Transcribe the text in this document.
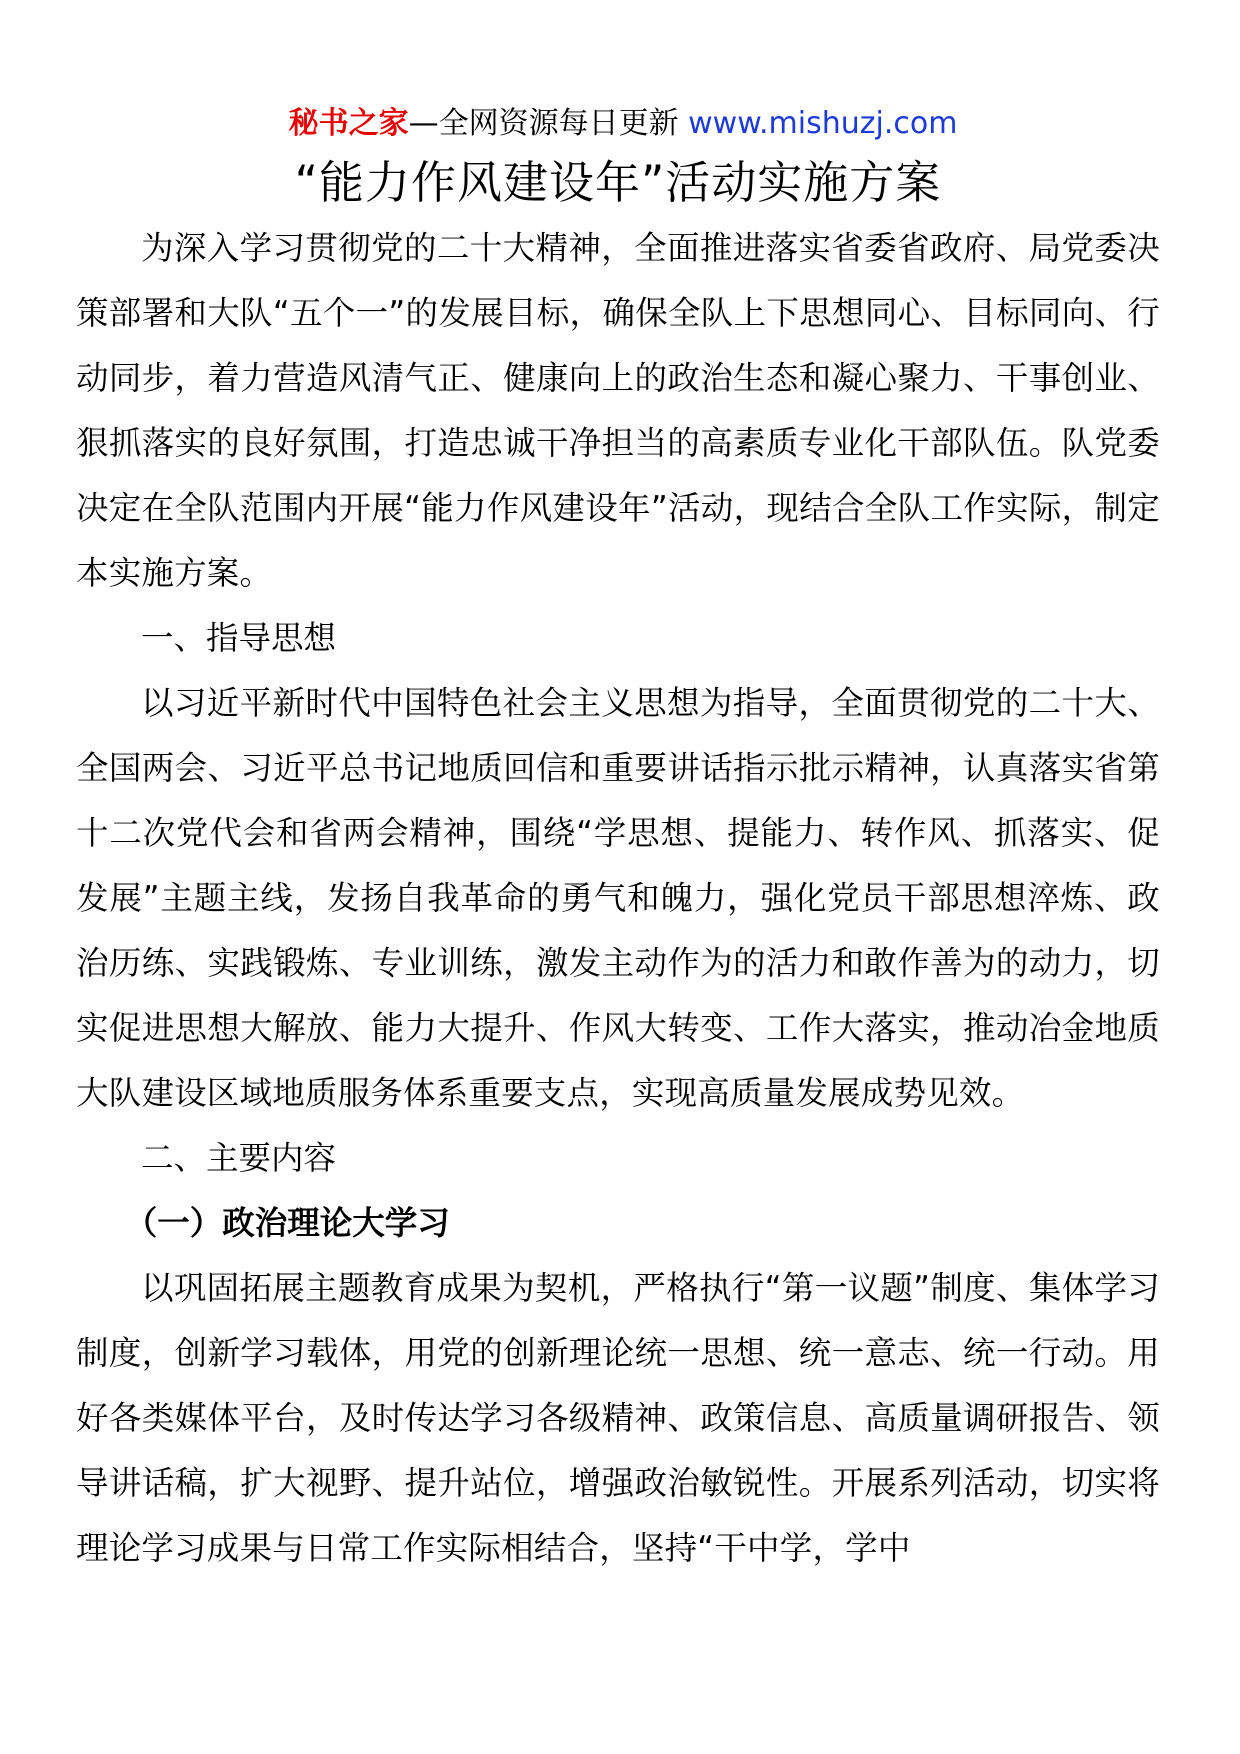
秘书之家—全网资源每日更新 www.mishuzj.com
“能力作风建设年”活动实施方案

为深入学习贯彻党的二十大精神，全面推进落实省委省政府、局党委决策部署和大队“五个一”的发展目标，确保全队上下思想同心、目标同向、行动同步，着力营造风清气正、健康向上的政治生态和凝心聚力、干事创业、狠抓落实的良好氛围，打造忠诚干净担当的高素质专业化干部队伍。队党委决定在全队范围内开展“能力作风建设年”活动，现结合全队工作实际，制定本实施方案。

一、指导思想

以习近平新时代中国特色社会主义思想为指导，全面贯彻党的二十大、全国两会、习近平总书记地质回信和重要讲话指示批示精神，认真落实省第十二次党代会和省两会精神，围绕“学思想、提能力、转作风、抓落实、促发展”主题主线，发扬自我革命的勇气和魄力，强化党员干部思想淬炼、政治历练、实践锻炼、专业训练，激发主动作为的活力和敢作善为的动力，切实促进思想大解放、能力大提升、作风大转变、工作大落实，推动冶金地质大队建设区域地质服务体系重要支点，实现高质量发展成势见效。

二、主要内容

（一）政治理论大学习

以巩固拓展主题教育成果为契机，严格执行“第一议题”制度、集体学习制度，创新学习载体，用党的创新理论统一思想、统一意志、统一行动。用好各类媒体平台，及时传达学习各级精神、政策信息、高质量调研报告、领导讲话稿，扩大视野、提升站位，增强政治敏锐性。开展系列活动，切实将理论学习成果与日常工作实际相结合，坚持“干中学，学中
